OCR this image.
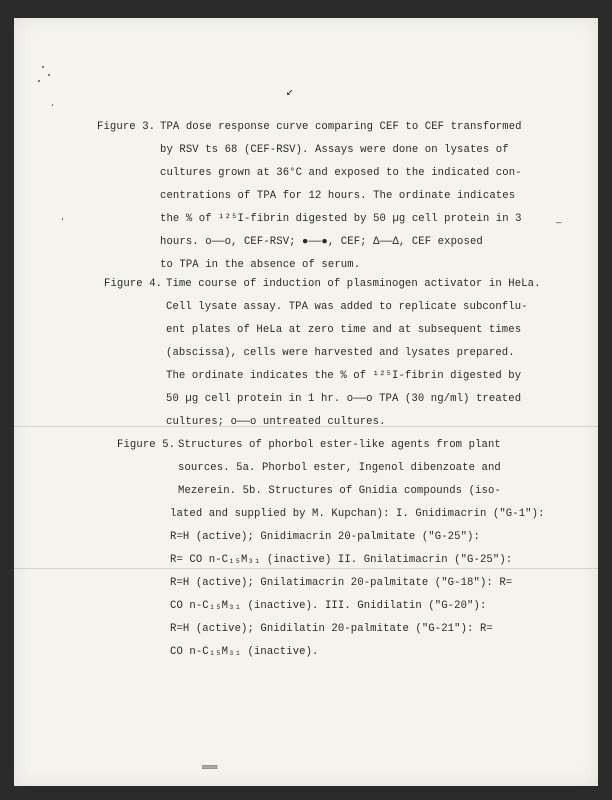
↙
—
══
Figure 3. TPA dose response curve comparing CEF to CEF transformed
by RSV ts 68 (CEF-RSV). Assays were done on lysates of
cultures grown at 36°C and exposed to the indicated con-
centrations of TPA for 12 hours. The ordinate indicates
the % of ¹²⁵I-fibrin digested by 50 µg cell protein in 3
hours. o——o, CEF-RSV; ●——●, CEF; Δ——Δ, CEF exposed
to TPA in the absence of serum.
Figure 4. Time course of induction of plasminogen activator in HeLa.
Cell lysate assay. TPA was added to replicate subconflu-
ent plates of HeLa at zero time and at subsequent times
(abscissa), cells were harvested and lysates prepared.
The ordinate indicates the % of ¹²⁵I-fibrin digested by
50 µg cell protein in 1 hr. o——o TPA (30 ng/ml) treated
cultures; o——o untreated cultures.
Figure 5. Structures of phorbol ester-like agents from plant
sources. 5a. Phorbol ester, Ingenol dibenzoate and
Mezerein. 5b. Structures of Gnidia compounds (iso-
lated and supplied by M. Kupchan): I. Gnidimacrin ("G-1"):
R=H (active); Gnidimacrin 20-palmitate ("G-25"):
R= CO n-C₁₅M₃₁ (inactive) II. Gnilatimacrin ("G-25"):
R=H (active); Gnilatimacrin 20-palmitate ("G-18"): R=
CO n-C₁₅M₃₁ (inactive). III. Gnidilatin ("G-20"):
R=H (active); Gnidilatin 20-palmitate ("G-21"): R=
CO n-C₁₅M₃₁ (inactive).
